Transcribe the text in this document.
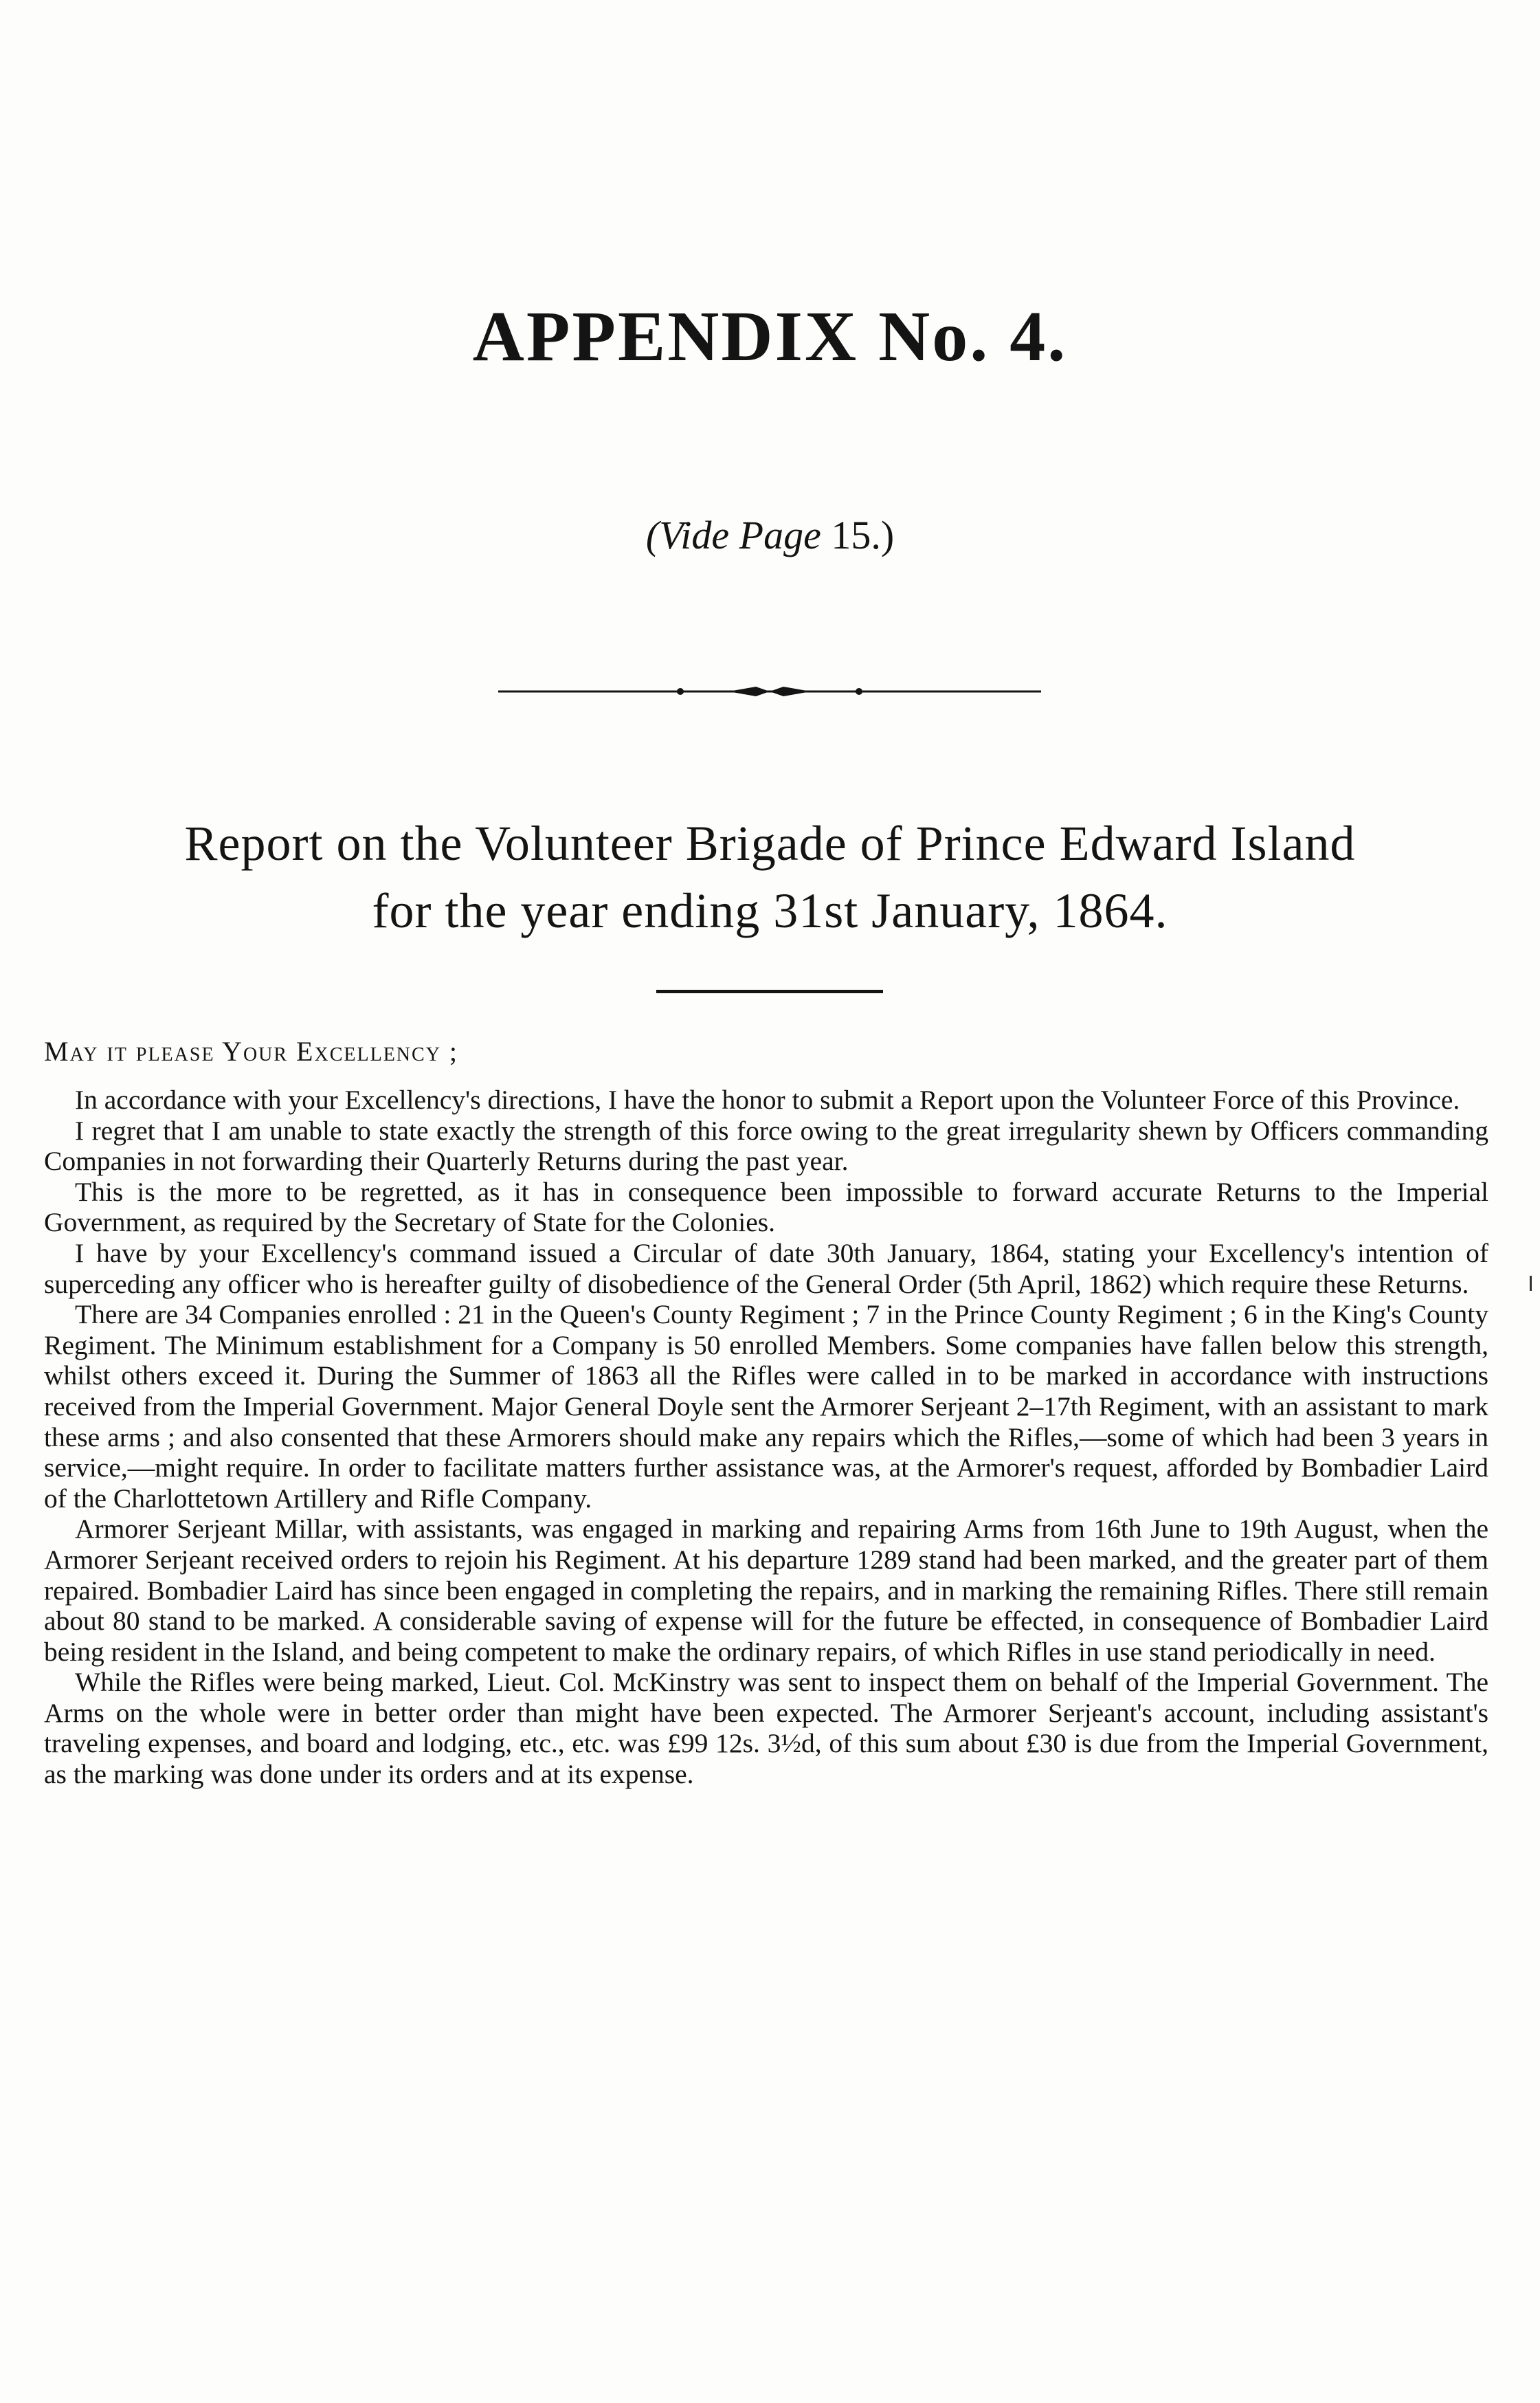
APPENDIX No. 4.
(Vide Page 15.)
Report on the Volunteer Brigade of Prince Edward Island
for the year ending 31st January, 1864.
May it please Your Excellency ;

In accordance with your Excellency's directions, I have the honor to submit a Report upon the Volunteer Force of this Province.

I regret that I am unable to state exactly the strength of this force owing to the great irregularity shewn by Officers commanding Companies in not forwarding their Quarterly Returns during the past year.

This is the more to be regretted, as it has in consequence been impossible to forward accurate Returns to the Imperial Government, as required by the Secretary of State for the Colonies.

I have by your Excellency's command issued a Circular of date 30th January, 1864, stating your Excellency's intention of superceding any officer who is hereafter guilty of disobedience of the General Order (5th April, 1862) which require these Returns.

There are 34 Companies enrolled : 21 in the Queen's County Regiment ; 7 in the Prince County Regiment ; 6 in the King's County Regiment. The Minimum establishment for a Company is 50 enrolled Members. Some companies have fallen below this strength, whilst others exceed it. During the Summer of 1863 all the Rifles were called in to be marked in accordance with instructions received from the Imperial Government. Major General Doyle sent the Armorer Serjeant 2–17th Regiment, with an assistant to mark these arms ; and also consented that these Armorers should make any repairs which the Rifles,—some of which had been 3 years in service,—might require. In order to facilitate matters further assistance was, at the Armorer's request, afforded by Bombadier Laird of the Charlottetown Artillery and Rifle Company.

Armorer Serjeant Millar, with assistants, was engaged in marking and repairing Arms from 16th June to 19th August, when the Armorer Serjeant received orders to rejoin his Regiment. At his departure 1289 stand had been marked, and the greater part of them repaired. Bombadier Laird has since been engaged in completing the repairs, and in marking the remaining Rifles. There still remain about 80 stand to be marked. A considerable saving of expense will for the future be effected, in consequence of Bombadier Laird being resident in the Island, and being competent to make the ordinary repairs, of which Rifles in use stand periodically in need.

While the Rifles were being marked, Lieut. Col. McKinstry was sent to inspect them on behalf of the Imperial Government. The Arms on the whole were in better order than might have been expected. The Armorer Serjeant's account, including assistant's traveling expenses, and board and lodging, etc., etc. was £99 12s. 3½d, of this sum about £30 is due from the Imperial Government, as the marking was done under its orders and at its expense.
